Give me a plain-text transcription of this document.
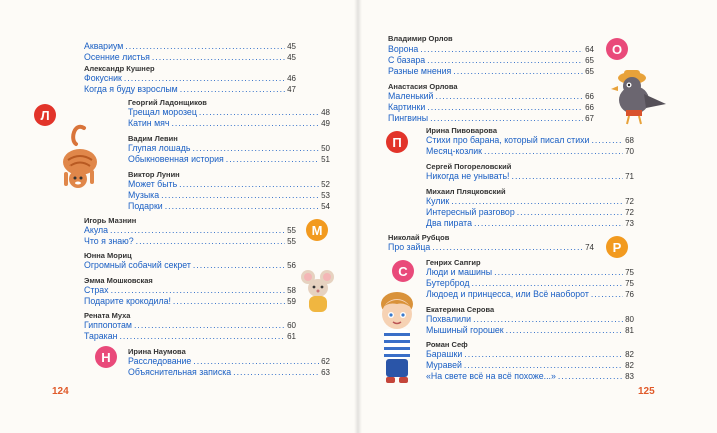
Л
М
Н
Аквариум .....	45
Осенние листья .....	45
Александр Кушнер
Фокусник .....	46
Когда я буду взрослым .....	47
Георгий Ладонщиков
Трещал морозец .....	48
Катин мяч .....	49
Вадим Левин
Глупая лошадь .....	50
Обыкновенная история .....	51
Виктор Лунин
Может быть .....	52
Музыка .....	53
Подарки .....	54
Игорь Мазнин
Акула .....	55
Что я знаю? .....	55
Юнна Мориц
Огромный собачий секрет .....	56
Эмма Мошковская
Страх .....	58
Подарите крокодила! .....	59
Рената Муха
Гиппопотам .....	60
Таракан .....	61
Ирина Наумова
Расследование .....	62
Объяснительная записка .....	63
124
О
П
Р
С
Владимир Орлов
Ворона .....	64
С базара .....	65
Разные мнения .....	65
Анастасия Орлова
Маленький .....	66
Картинки .....	66
Пингвины .....	67
Ирина Пивоварова
Стихи про барана, который писал стихи .....	68
Месяц-козлик .....	70
Сергей Погореловский
Никогда не унывать! .....	71
Михаил Пляцковский
Кулик .....	72
Интересный разговор .....	72
Два пирата .....	73
Николай Рубцов
Про зайца .....	74
Генрих Сапгир
Люди и машины .....	75
Бутерброд .....	75
Людоед и принцесса, или Всё наоборот .....	76
Екатерина Серова
Похвалили .....	80
Мышиный горошек .....	81
Роман Сеф
Барашки .....	82
Муравей .....	82
«На свете всё на всё похоже...» .....	83
125
